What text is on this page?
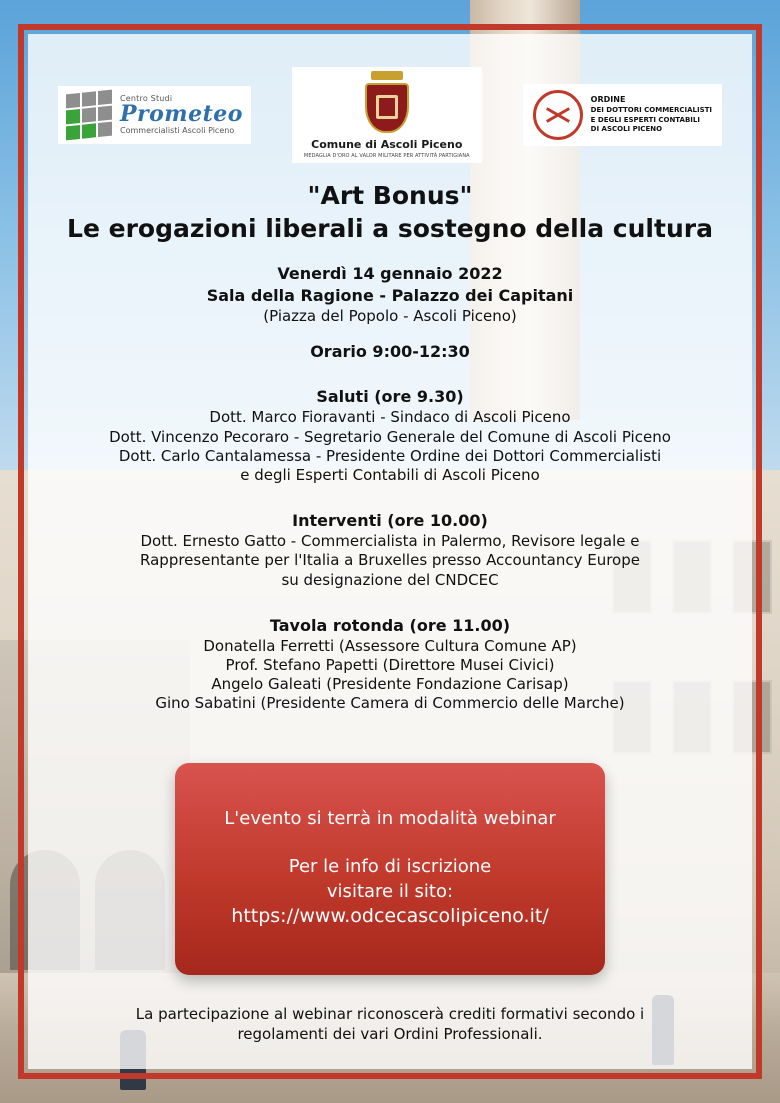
Centro Studi
Prometeo
Commercialisti Ascoli Piceno
Comune di Ascoli Piceno
MEDAGLIA D'ORO AL VALOR MILITARE PER ATTIVITÀ PARTIGIANA
ORDINE
DEI DOTTORI COMMERCIALISTI
E DEGLI ESPERTI CONTABILI
DI ASCOLI PICENO
"Art Bonus"
Le erogazioni liberali a sostegno della cultura
Venerdì 14 gennaio 2022
Sala della Ragione - Palazzo dei Capitani
(Piazza del Popolo - Ascoli Piceno)
Orario 9:00-12:30
Saluti (ore 9.30)

Dott. Marco Fioravanti - Sindaco di Ascoli Piceno

Dott. Vincenzo Pecoraro - Segretario Generale del Comune di Ascoli Piceno

Dott. Carlo Cantalamessa - Presidente Ordine dei Dottori Commercialisti

e degli Esperti Contabili di Ascoli Piceno

Interventi (ore 10.00)

Dott. Ernesto Gatto - Commercialista in Palermo, Revisore legale e

Rappresentante per l'Italia a Bruxelles presso Accountancy Europe

su designazione del CNDCEC

Tavola rotonda (ore 11.00)

Donatella Ferretti (Assessore Cultura Comune AP)

Prof. Stefano Papetti (Direttore Musei Civici)

Angelo Galeati (Presidente Fondazione Carisap)

Gino Sabatini (Presidente Camera di Commercio delle Marche)

L'evento si terrà in modalità webinar
Per le info di iscrizione
visitare il sito:
https://www.odcecascolipiceno.it/
La partecipazione al webinar riconoscerà crediti formativi secondo i
regolamenti dei vari Ordini Professionali.
